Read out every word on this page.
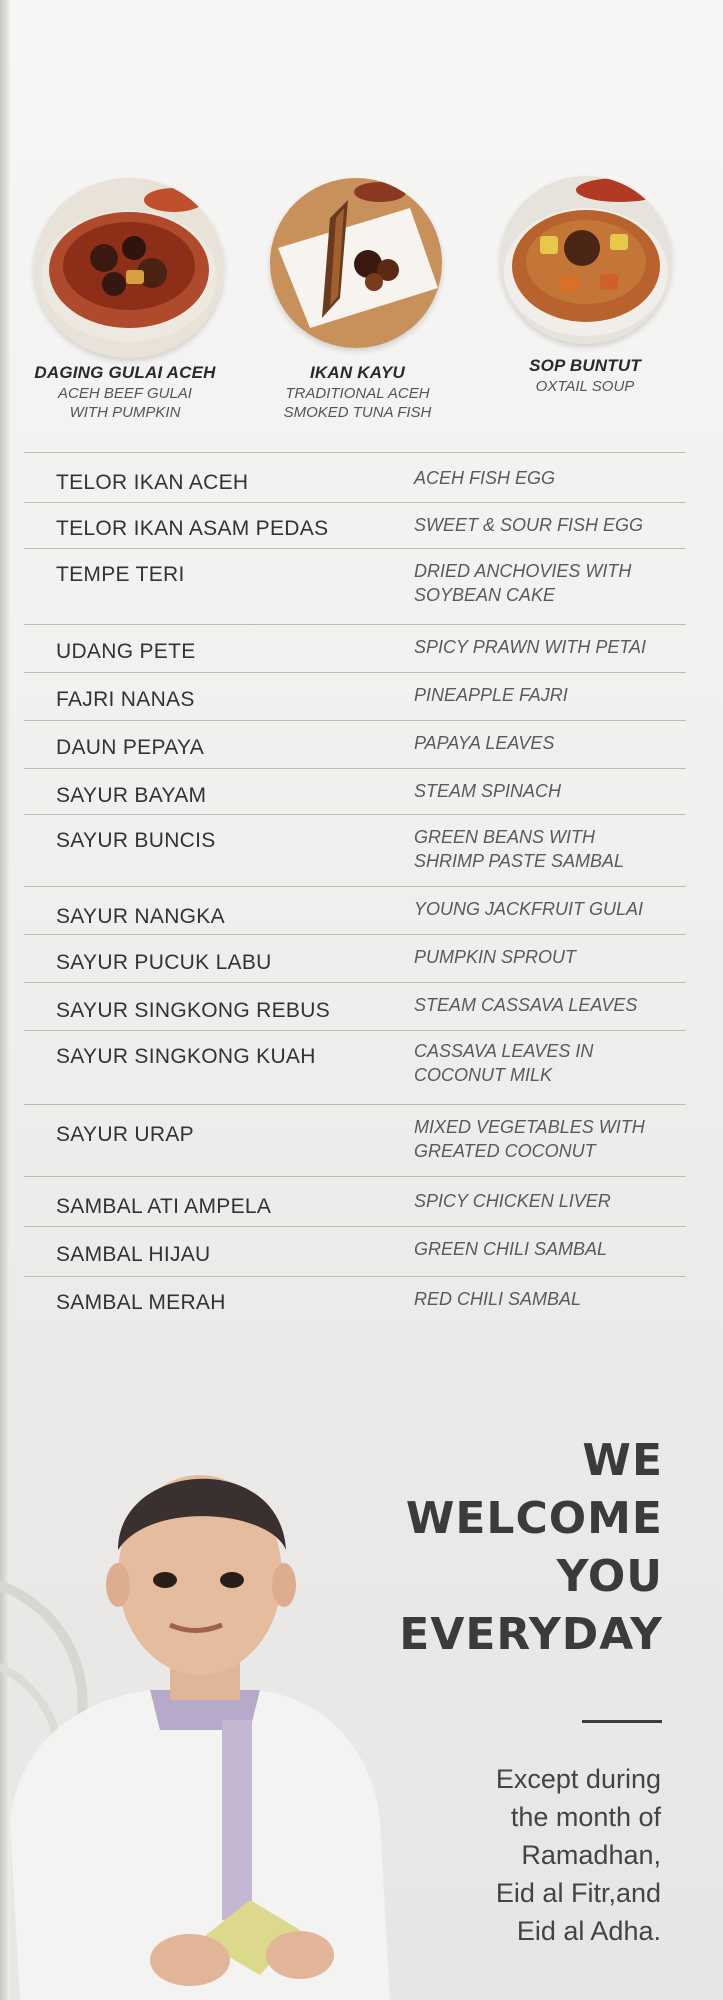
DAGING GULAI ACEH
ACEH BEEF GULAI
WITH PUMPKIN
IKAN KAYU
TRADITIONAL ACEH
SMOKED TUNA FISH
SOP BUNTUT
OXTAIL SOUP
TELOR IKAN ACEH	ACEH FISH EGG
TELOR IKAN ASAM PEDAS	SWEET & SOUR FISH EGG
TEMPE TERI	DRIED ANCHOVIES WITH
SOYBEAN CAKE
UDANG PETE	SPICY PRAWN WITH PETAI
FAJRI NANAS	PINEAPPLE FAJRI
DAUN PEPAYA	PAPAYA LEAVES
SAYUR BAYAM	STEAM SPINACH
SAYUR BUNCIS	GREEN BEANS WITH
SHRIMP PASTE SAMBAL
SAYUR NANGKA	YOUNG JACKFRUIT GULAI
SAYUR PUCUK LABU	PUMPKIN SPROUT
SAYUR SINGKONG REBUS	STEAM CASSAVA LEAVES
SAYUR SINGKONG KUAH	CASSAVA LEAVES IN
COCONUT MILK
SAYUR URAP	MIXED VEGETABLES WITH
GREATED COCONUT
SAMBAL ATI AMPELA	SPICY CHICKEN LIVER
SAMBAL HIJAU	GREEN CHILI SAMBAL
SAMBAL MERAH	RED CHILI SAMBAL
WE
WELCOME
YOU
EVERYDAY
Except during
the month of
Ramadhan,
Eid al Fitr,and
Eid al Adha.
